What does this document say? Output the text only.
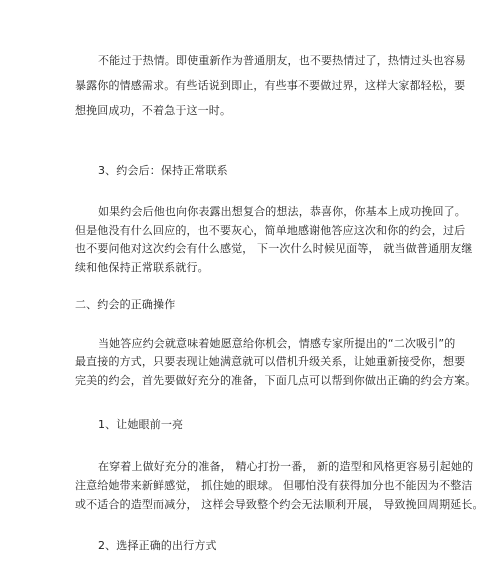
不能过于热情。即使重新作为普通朋友，也不要热情过了，热情过头也容易
暴露你的情感需求。有些话说到即止，有些事不要做过界，这样大家都轻松，要
想挽回成功，不着急于这一时。
3、约会后：保持正常联系
如果约会后他也向你表露出想复合的想法，恭喜你，你基本上成功挽回了。
但是他没有什么回应的，也不要灰心，简单地感谢他答应这次和你的约会，过后
也不要问他对这次约会有什么感觉， 下一次什么时候见面等， 就当做普通朋友继
续和他保持正常联系就行。
二、约会的正确操作
当她答应约会就意味着她愿意给你机会，情感专家所提出的“二次吸引”的
最直接的方式，只要表现让她满意就可以借机升级关系，让她重新接受你，想要
完美的约会，首先要做好充分的准备，下面几点可以帮到你做出正确的约会方案。
1、让她眼前一亮
在穿着上做好充分的准备， 精心打扮一番， 新的造型和风格更容易引起她的
注意给她带来新鲜感觉， 抓住她的眼球。 但哪怕没有获得加分也不能因为不整洁
或不适合的造型而减分， 这样会导致整个约会无法顺利开展， 导致挽回周期延长。
2、选择正确的出行方式
